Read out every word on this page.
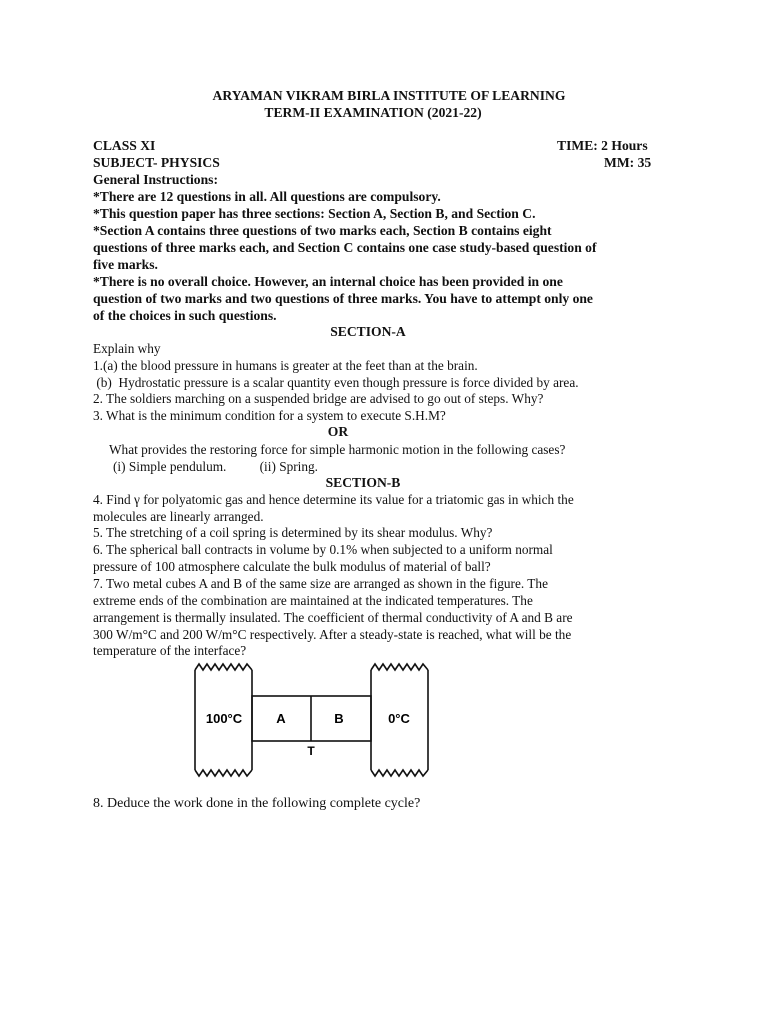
ARYAMAN VIKRAM BIRLA INSTITUTE OF LEARNING
TERM-II EXAMINATION (2021-22)
CLASS XI	TIME: 2 Hours
SUBJECT- PHYSICS	MM: 35
General Instructions:
*There are 12 questions in all. All questions are compulsory.
*This question paper has three sections: Section A, Section B, and Section C.
*Section A contains three questions of two marks each, Section B contains eight
questions of three marks each, and Section C contains one case study-based question of
five marks.
*There is no overall choice. However, an internal choice has been provided in one
question of two marks and two questions of three marks. You have to attempt only one
of the choices in such questions.
SECTION-A
Explain why
1.(a) the blood pressure in humans is greater at the feet than at the brain.
(b)  Hydrostatic pressure is a scalar quantity even though pressure is force divided by area.
2. The soldiers marching on a suspended bridge are advised to go out of steps. Why?
3. What is the minimum condition for a system to execute S.H.M?
OR
What provides the restoring force for simple harmonic motion in the following cases?
(i) Simple pendulum.          (ii) Spring.
SECTION-B
4. Find γ for polyatomic gas and hence determine its value for a triatomic gas in which the
molecules are linearly arranged.
5. The stretching of a coil spring is determined by its shear modulus. Why?
6. The spherical ball contracts in volume by 0.1% when subjected to a uniform normal
pressure of 100 atmosphere calculate the bulk modulus of material of ball?
7. Two metal cubes A and B of the same size are arranged as shown in the figure. The
extreme ends of the combination are maintained at the indicated temperatures. The
arrangement is thermally insulated. The coefficient of thermal conductivity of A and B are
300 W/m°C and 200 W/m°C respectively. After a steady-state is reached, what will be the
temperature of the interface?
100°C	A	B	0°C
T
8. Deduce the work done in the following complete cycle?
